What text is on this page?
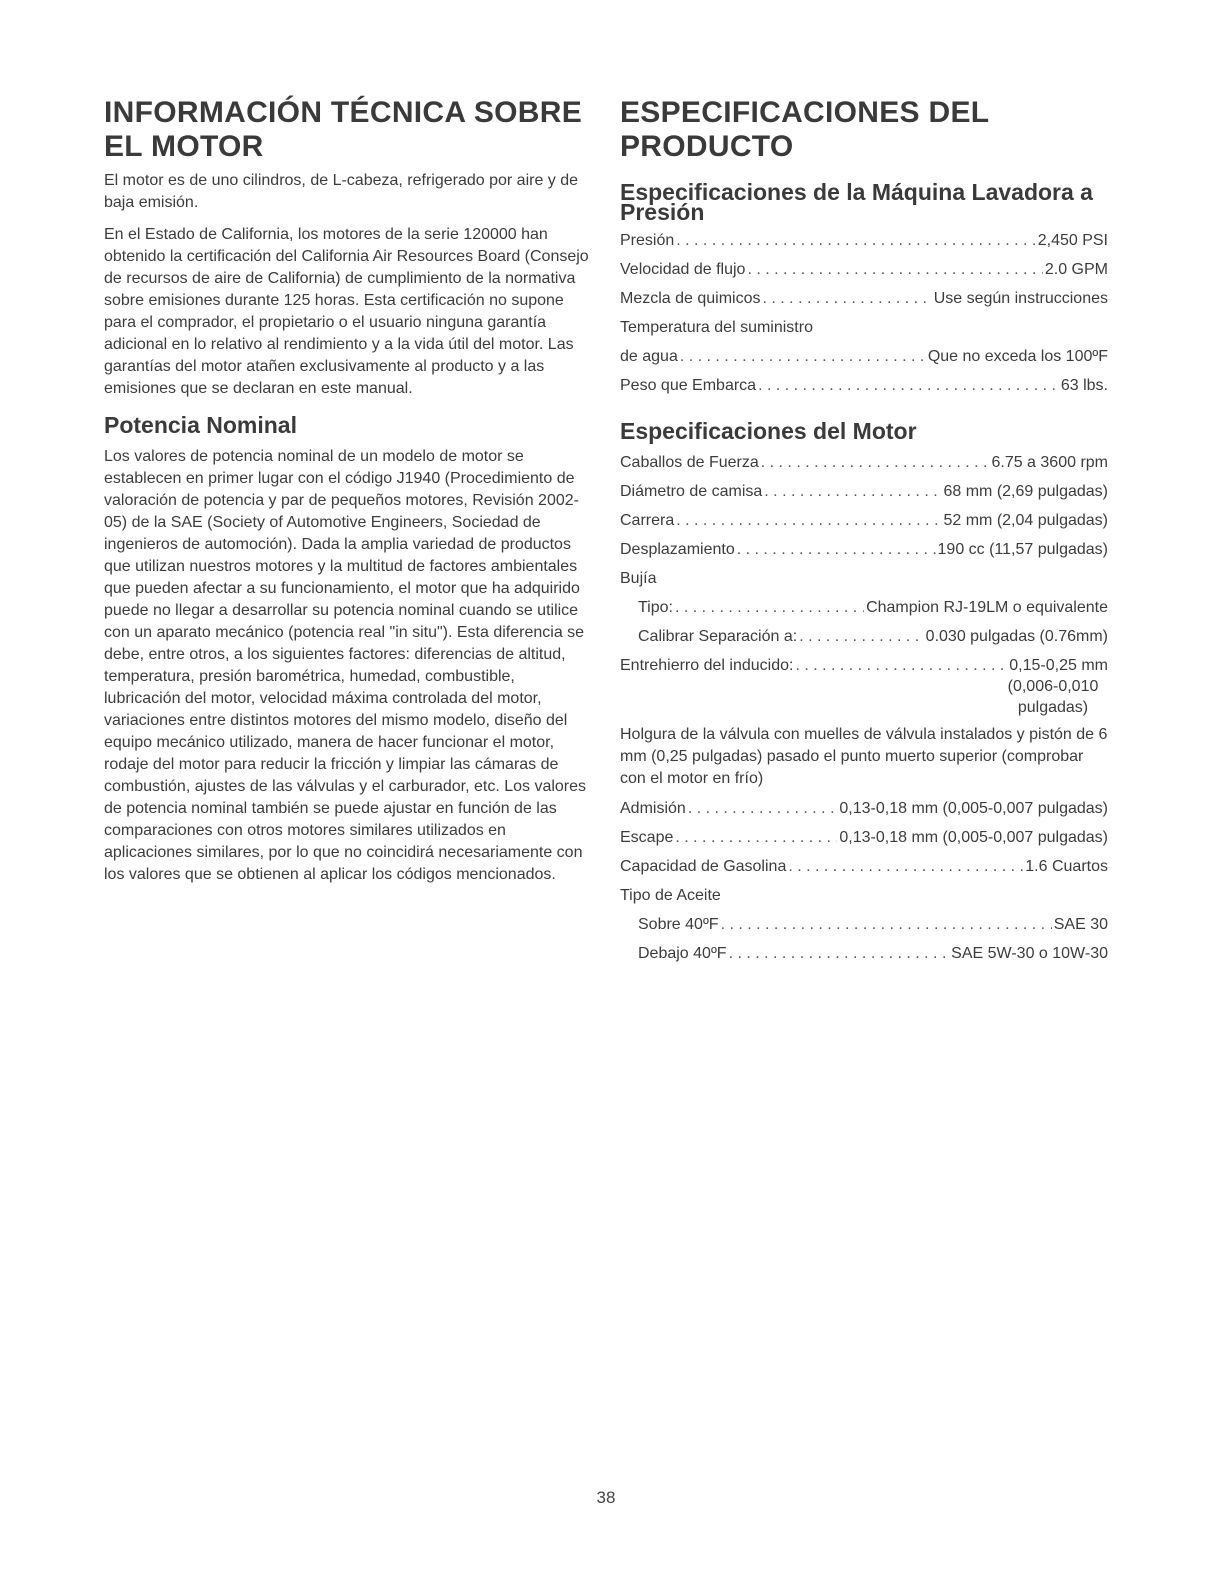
INFORMACIÓN TÉCNICA SOBRE EL MOTOR

El motor es de uno cilindros, de L-cabeza, refrigerado por aire y de baja emisión.

En el Estado de California, los motores de la serie 120000 han obtenido la certificación del California Air Resources Board (Consejo de recursos de aire de California) de cumplimiento de la normativa sobre emisiones durante 125 horas. Esta certificación no supone para el comprador, el propietario o el usuario ninguna garantía adicional en lo relativo al rendimiento y a la vida útil del motor. Las garantías del motor atañen exclusivamente al producto y a las emisiones que se declaran en este manual.

Potencia Nominal

Los valores de potencia nominal de un modelo de motor se establecen en primer lugar con el código J1940 (Procedimiento de valoración de potencia y par de pequeños motores, Revisión 2002-05) de la SAE (Society of Automotive Engineers, Sociedad de ingenieros de automoción). Dada la amplia variedad de productos que utilizan nuestros motores y la multitud de factores ambientales que pueden afectar a su funcionamiento, el motor que ha adquirido puede no llegar a desarrollar su potencia nominal cuando se utilice con un aparato mecánico (potencia real "in situ"). Esta diferencia se debe, entre otros, a los siguientes factores: diferencias de altitud, temperatura, presión barométrica, humedad, combustible, lubricación del motor, velocidad máxima controlada del motor, variaciones entre distintos motores del mismo modelo, diseño del equipo mecánico utilizado, manera de hacer funcionar el motor, rodaje del motor para reducir la fricción y limpiar las cámaras de combustión, ajustes de las válvulas y el carburador, etc. Los valores de potencia nominal también se puede ajustar en función de las comparaciones con otros motores similares utilizados en aplicaciones similares, por lo que no coincidirá necesariamente con los valores que se obtienen al aplicar los códigos mencionados.

ESPECIFICACIONES DEL PRODUCTO
Especificaciones de la Máquina Lavadora a Presión
Presión . . .	2,450 PSI
Velocidad de flujo . . .	2.0 GPM
Mezcla de quimicos . . .	Use según instrucciones
Temperatura del suministro
de agua . . .	Que no exceda los 100ºF
Peso que Embarca . . .	63 lbs.
Especificaciones del Motor
Caballos de Fuerza . . .	6.75 a 3600 rpm
Diámetro de camisa . . .	68 mm (2,69 pulgadas)
Carrera . . .	52 mm (2,04 pulgadas)
Desplazamiento . . .	190 cc (11,57 pulgadas)
Bujía
Tipo: . . .	Champion RJ-19LM o equivalente
Calibrar Separación a: . . .	0.030 pulgadas (0.76mm)
Entrehierro del inducido: . . .	0,15-0,25 mm
(0,006-0,010
pulgadas)
Holgura de la válvula con muelles de válvula instalados y pistón de 6 mm (0,25 pulgadas) pasado el punto muerto superior (comprobar con el motor en frío)
Admisión . . .	0,13-0,18 mm (0,005-0,007 pulgadas)
Escape . . .	0,13-0,18 mm (0,005-0,007 pulgadas)
Capacidad de Gasolina . . .	1.6 Cuartos
Tipo de Aceite
Sobre 40ºF . . .	SAE 30
Debajo 40ºF . . .	SAE 5W-30 o 10W-30
38
